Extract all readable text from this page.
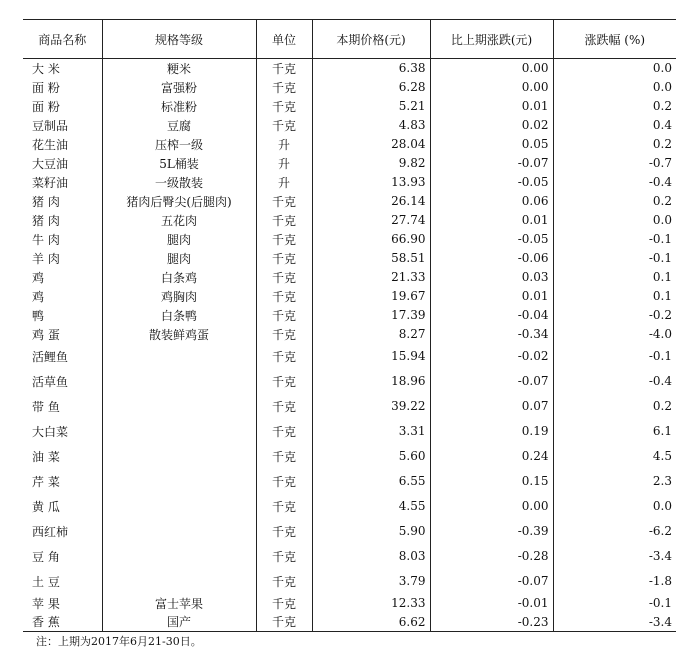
商品名称	规格等级	单位	本期价格(元)	比上期涨跌(元)	涨跌幅 (%)
大 米	粳米	千克	6.38	0.00	0.0
面 粉	富强粉	千克	6.28	0.00	0.0
面 粉	标准粉	千克	5.21	0.01	0.2
豆制品	豆腐	千克	4.83	0.02	0.4
花生油	压榨一级	升	28.04	0.05	0.2
大豆油	5L桶装	升	9.82	-0.07	-0.7
菜籽油	一级散装	升	13.93	-0.05	-0.4
猪 肉	猪肉后臀尖(后腿肉)	千克	26.14	0.06	0.2
猪 肉	五花肉	千克	27.74	0.01	0.0
牛 肉	腿肉	千克	66.90	-0.05	-0.1
羊 肉	腿肉	千克	58.51	-0.06	-0.1
鸡	白条鸡	千克	21.33	0.03	0.1
鸡	鸡胸肉	千克	19.67	0.01	0.1
鸭	白条鸭	千克	17.39	-0.04	-0.2
鸡 蛋	散装鲜鸡蛋	千克	8.27	-0.34	-4.0
活鲤鱼		千克	15.94	-0.02	-0.1
活草鱼		千克	18.96	-0.07	-0.4
带 鱼		千克	39.22	0.07	0.2
大白菜		千克	3.31	0.19	6.1
油 菜		千克	5.60	0.24	4.5
芹 菜		千克	6.55	0.15	2.3
黄 瓜		千克	4.55	0.00	0.0
西红柿		千克	5.90	-0.39	-6.2
豆 角		千克	8.03	-0.28	-3.4
土 豆		千克	3.79	-0.07	-1.8
苹 果	富士苹果	千克	12.33	-0.01	-0.1
香 蕉	国产	千克	6.62	-0.23	-3.4
注：上期为2017年6月21-30日。
